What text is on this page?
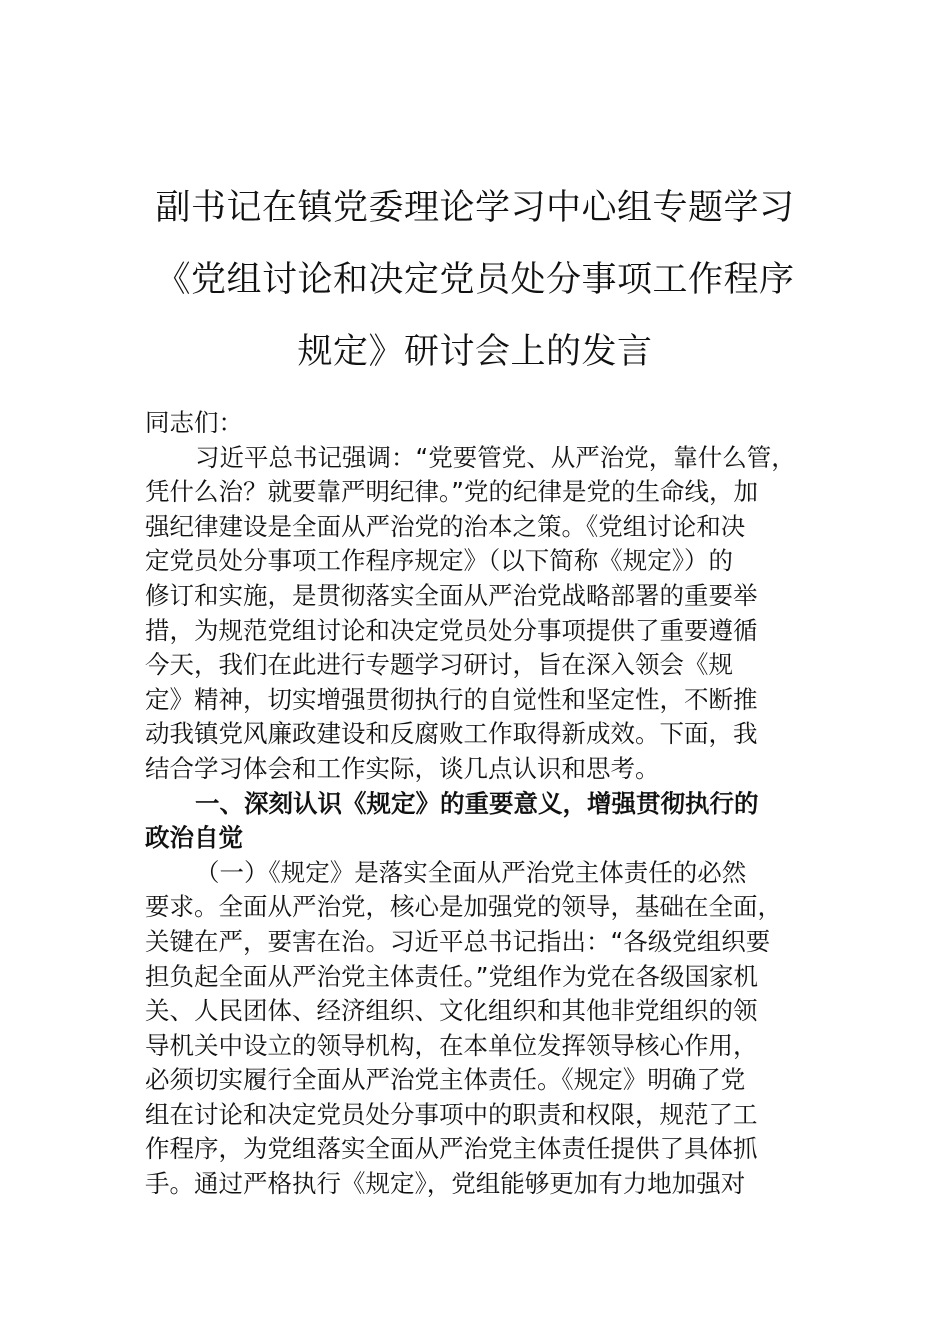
副书记在镇党委理论学习中心组专题学习
《党组讨论和决定党员处分事项工作程序
规定》研讨会上的发言
同志们：
习近平总书记强调：“党要管党、从严治党，靠什么管，
凭什么治？就要靠严明纪律。”党的纪律是党的生命线，加
强纪律建设是全面从严治党的治本之策。《党组讨论和决
定党员处分事项工作程序规定》（以下简称《规定》）的
修订和实施，是贯彻落实全面从严治党战略部署的重要举
措，为规范党组讨论和决定党员处分事项提供了重要遵循
今天，我们在此进行专题学习研讨，旨在深入领会《规
定》精神，切实增强贯彻执行的自觉性和坚定性，不断推
动我镇党风廉政建设和反腐败工作取得新成效。下面，我
结合学习体会和工作实际，谈几点认识和思考。
一、深刻认识《规定》的重要意义，增强贯彻执行的
政治自觉
（一）《规定》是落实全面从严治党主体责任的必然
要求。全面从严治党，核心是加强党的领导，基础在全面，
关键在严，要害在治。习近平总书记指出：“各级党组织要
担负起全面从严治党主体责任。”党组作为党在各级国家机
关、人民团体、经济组织、文化组织和其他非党组织的领
导机关中设立的领导机构，在本单位发挥领导核心作用，
必须切实履行全面从严治党主体责任。《规定》明确了党
组在讨论和决定党员处分事项中的职责和权限，规范了工
作程序，为党组落实全面从严治党主体责任提供了具体抓
手。通过严格执行《规定》，党组能够更加有力地加强对
